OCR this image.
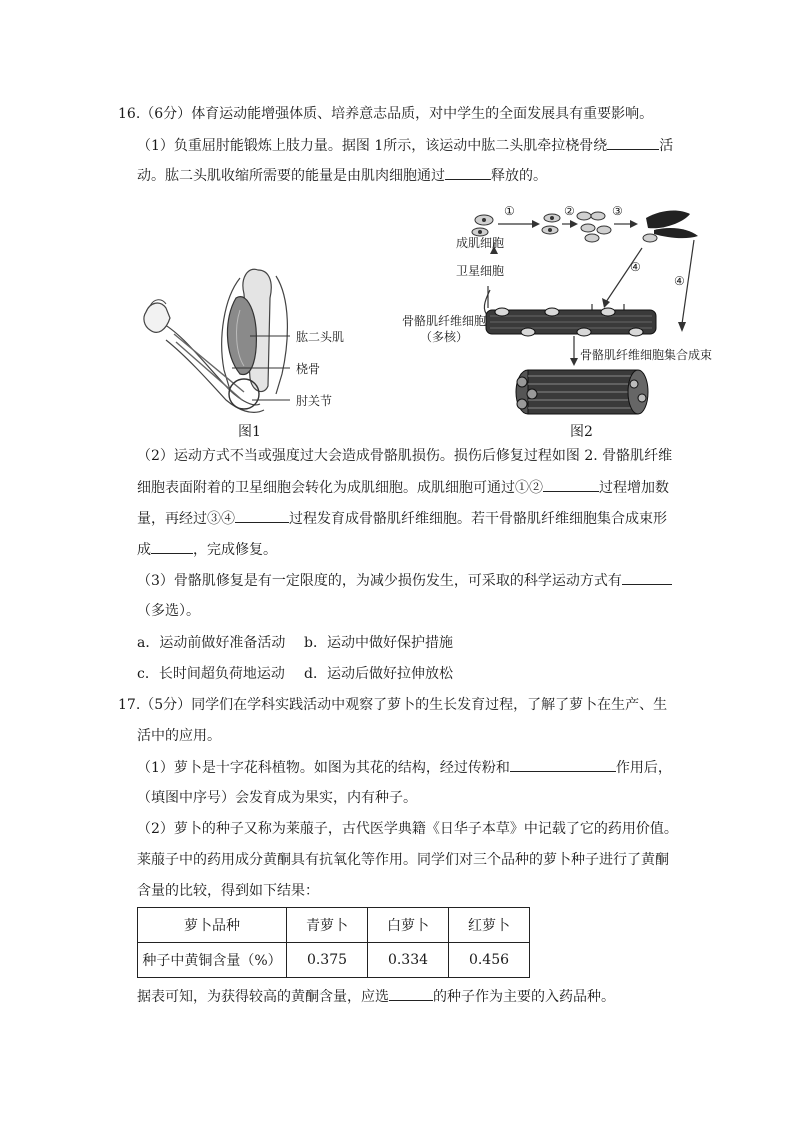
16.（6分）体育运动能增强体质、培养意志品质，对中学生的全面发展具有重要影响。
（1）负重屈肘能锻炼上肢力量。据图 1所示，该运动中肱二头肌牵拉桡骨绕	活
动。肱二头肌收缩所需要的能量是由肌肉细胞通过	释放的。
肱二头肌
桡骨
肘关节
图1
①	②	③
④
④
成肌细胞
卫星细胞
骨骼肌纤维细胞
（多核）
骨骼肌纤维细胞集合成束
图2
（2）运动方式不当或强度过大会造成骨骼肌损伤。损伤后修复过程如图 2. 骨骼肌纤维
细胞表面附着的卫星细胞会转化为成肌细胞。成肌细胞可通过①②	过程增加数
量，再经过③④	过程发育成骨骼肌纤维细胞。若干骨骼肌纤维细胞集合成束形
成	，完成修复。
（3）骨骼肌修复是有一定限度的，为减少损伤发生，可采取的科学运动方式有
（多选）。
a．运动前做好准备活动 b．运动中做好保护措施
c．长时间超负荷地运动 d．运动后做好拉伸放松
17.（5分）同学们在学科实践活动中观察了萝卜的生长发育过程，了解了萝卜在生产、生
活中的应用。
（1）萝卜是十字花科植物。如图为其花的结构，经过传粉和	作用后，
（填图中序号）会发育成为果实，内有种子。
（2）萝卜的种子又称为莱菔子，古代医学典籍《日华子本草》中记载了它的药用价值。
莱菔子中的药用成分黄酮具有抗氧化等作用。同学们对三个品种的萝卜种子进行了黄酮
含量的比较，得到如下结果：
萝卜品种	青萝卜	白萝卜	红萝卜
种子中黄铜含量（%）	0.375	0.334	0.456
据表可知，为获得较高的黄酮含量，应选	的种子作为主要的入药品种。
